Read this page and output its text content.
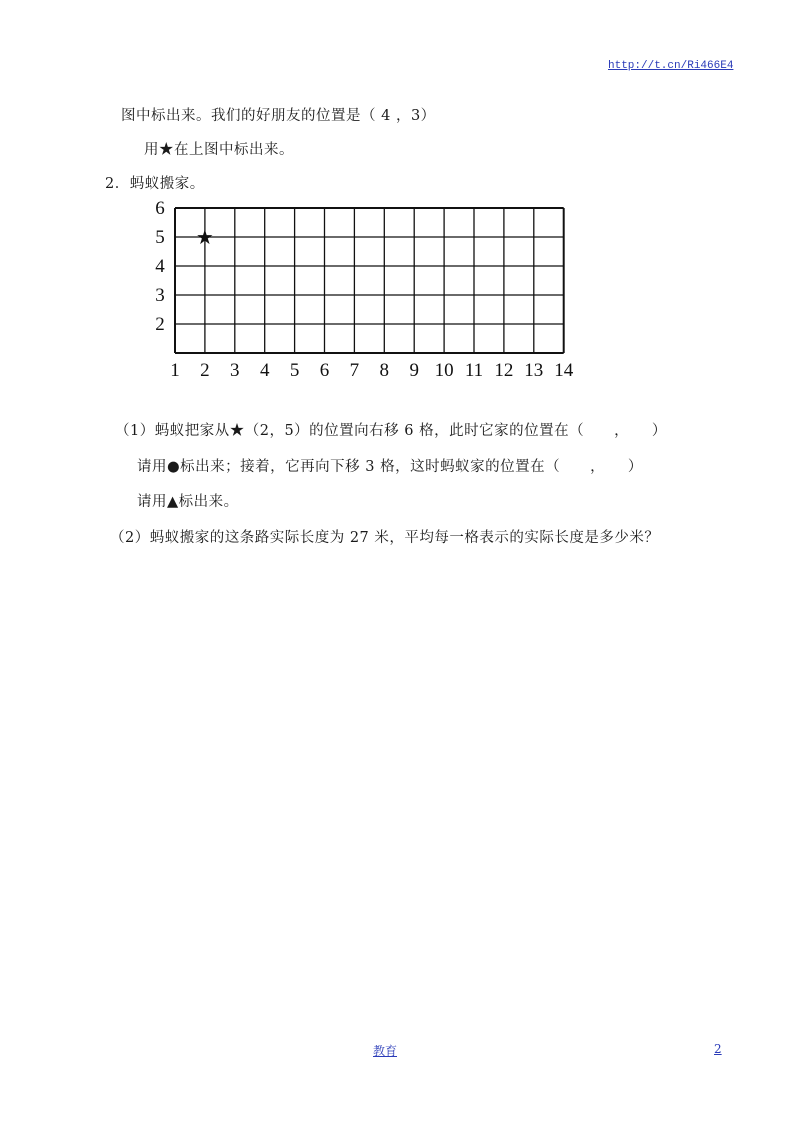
http://t.cn/Ri466E4
图中标出来。我们的好朋友的位置是（ 4 ，3）
用★在上图中标出来。
2．蚂蚁搬家。
2
3
4
5
6
1 2 3 4 5 6 7 8 9 10 11 12 13 14
★
（1）蚂蚁把家从★（2，5）的位置向右移 6 格，此时它家的位置在（　　，　　）
请用●标出来；接着，它再向下移 3 格，这时蚂蚁家的位置在（　　，　　）
请用▲标出来。
（2）蚂蚁搬家的这条路实际长度为 27 米，平均每一格表示的实际长度是多少米？
教育	2
